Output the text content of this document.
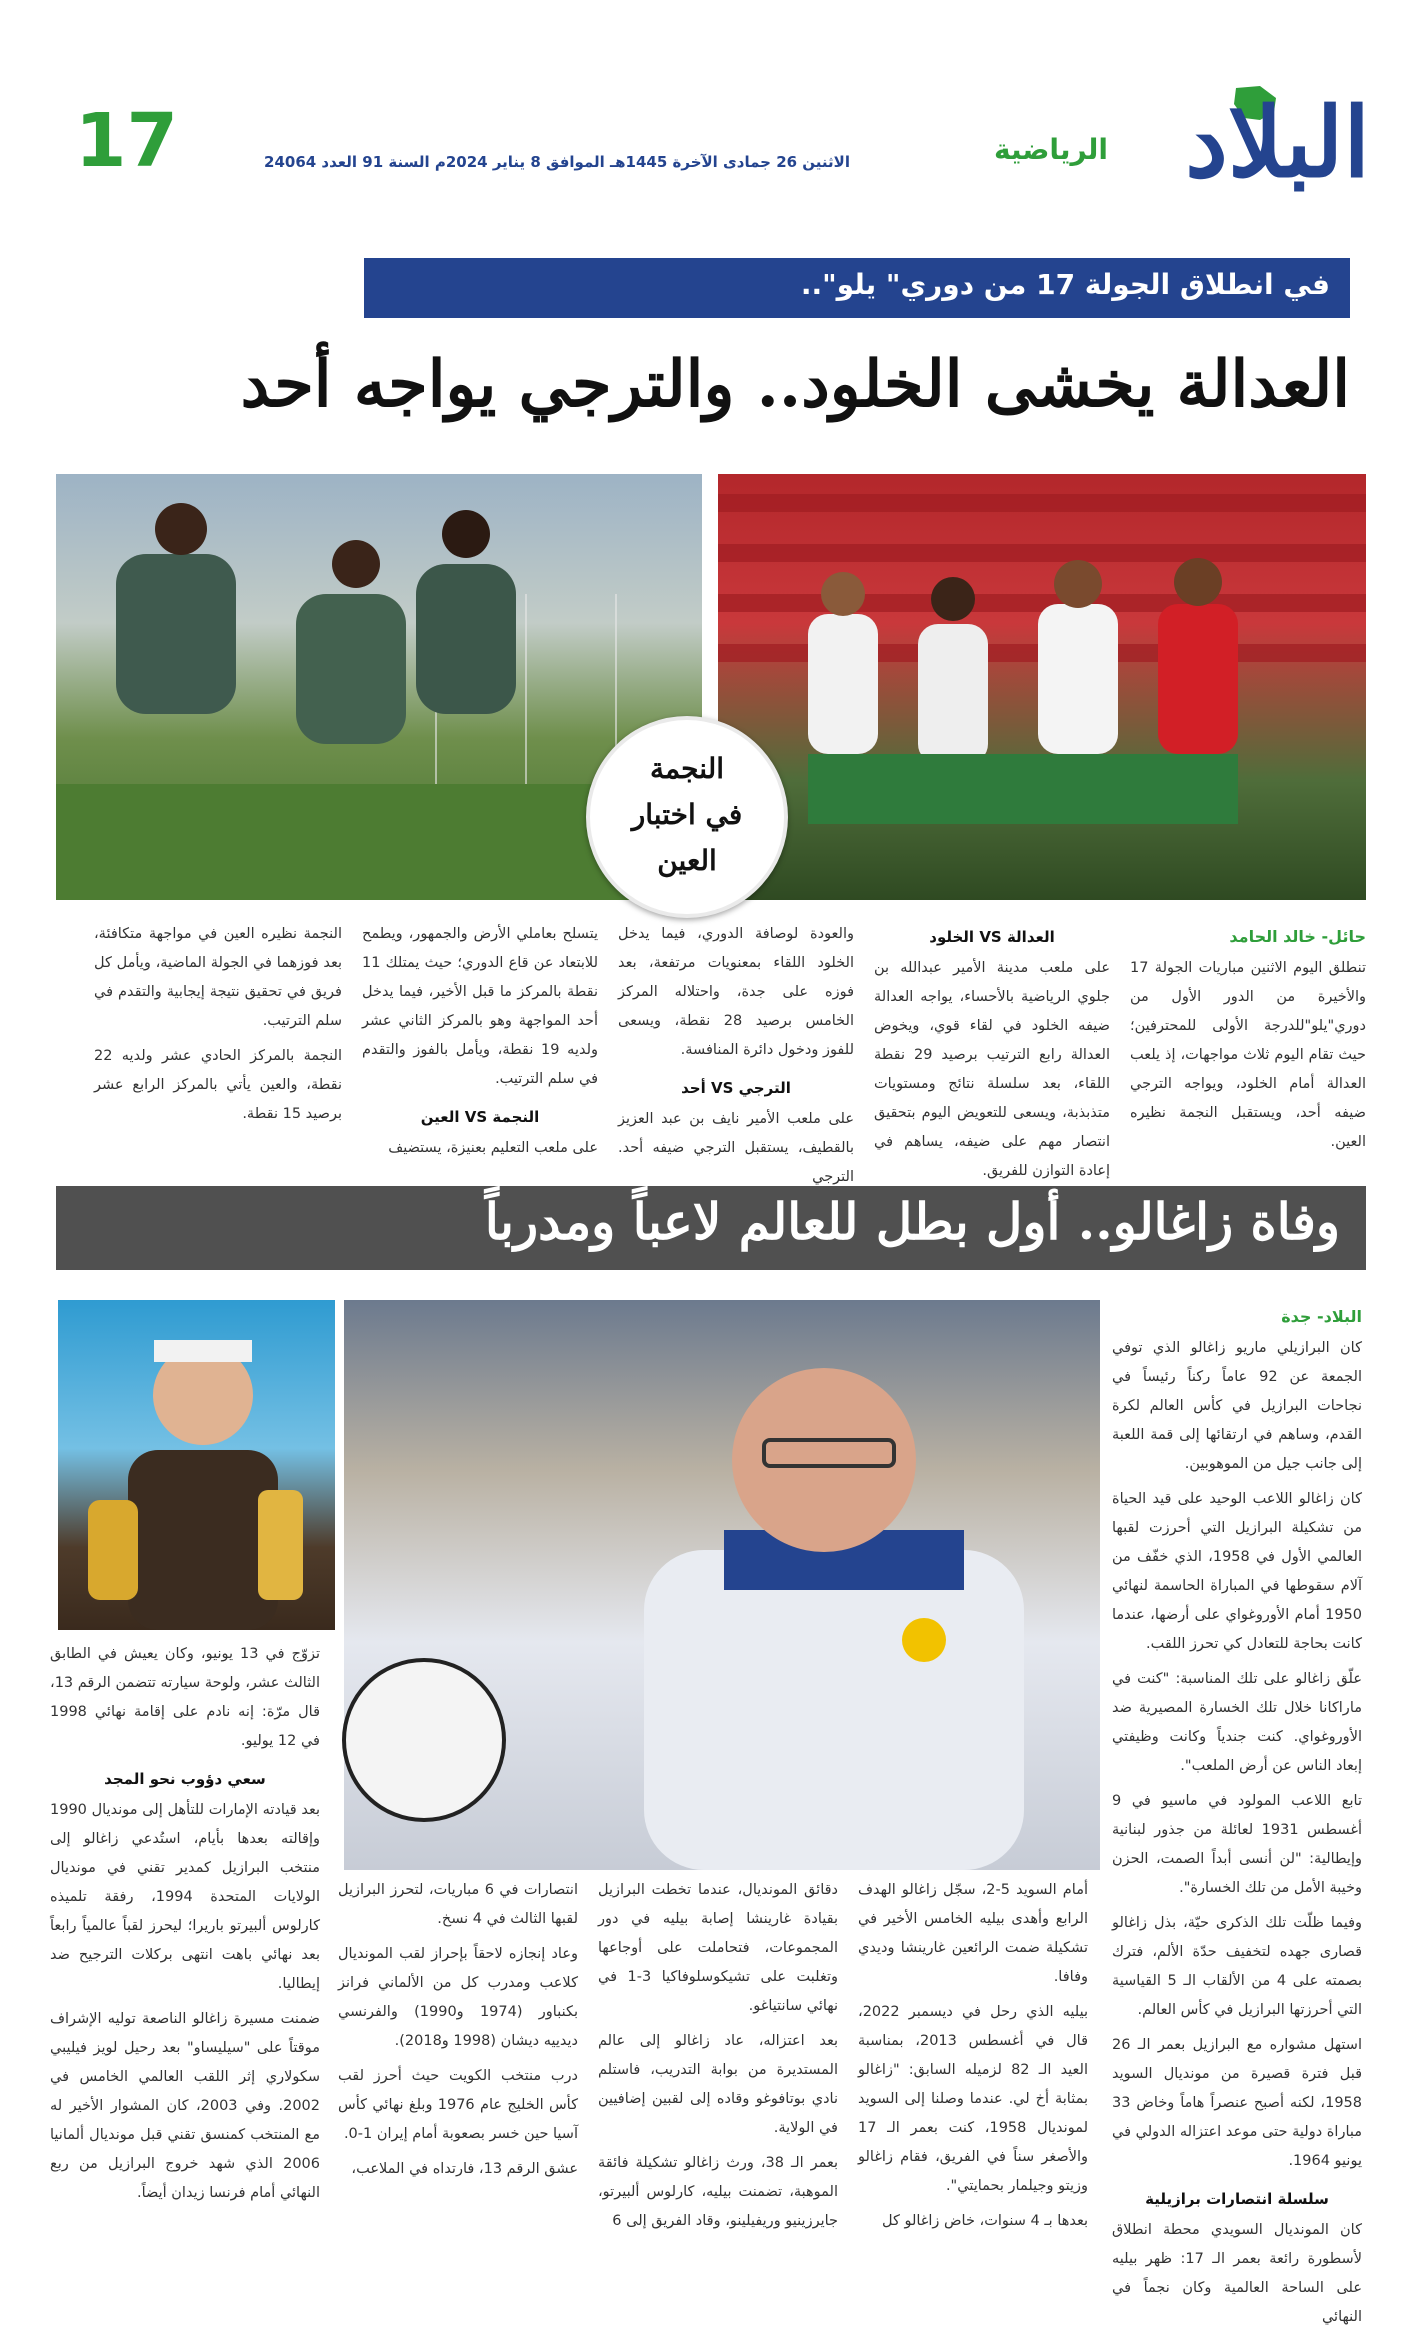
البلاد
الرياضية
الاثنين 26 جمادى الآخرة 1445هـ الموافق 8 يناير 2024م السنة 91 العدد 24064
17
في انطلاق الجولة 17 من دوري" يلو"..
العدالة يخشى الخلود.. والترجي يواجه أحد
النجمة
في اختبار
العين
حائل- خالد الحامد

تنطلق اليوم الاثنين مباريات الجولة 17 والأخيرة من الدور الأول من دوري"يلو"للدرجة الأولى للمحترفين؛ حيث تقام اليوم ثلاث مواجهات، إذ يلعب العدالة أمام الخلود، ويواجه الترجي ضيفه أحد، ويستقبل النجمة نظيره العين.

العدالة VS الخلود

على ملعب مدينة الأمير عبدالله بن جلوي الرياضية بالأحساء، يواجه العدالة ضيفه الخلود في لقاء قوي، ويخوض العدالة رابع الترتيب برصيد 29 نقطة اللقاء، بعد سلسلة نتائج ومستويات متذبذبة، ويسعى للتعويض اليوم بتحقيق انتصار مهم على ضيفه، يساهم في إعادة التوازن للفريق.

والعودة لوصافة الدوري، فيما يدخل الخلود اللقاء بمعنويات مرتفعة، بعد فوزه على جدة، واحتلاله المركز الخامس برصيد 28 نقطة، ويسعى للفوز ودخول دائرة المنافسة.

الترجي VS أحد

على ملعب الأمير نايف بن عبد العزيز بالقطيف، يستقبل الترجي ضيفه أحد. الترجي

يتسلح بعاملي الأرض والجمهور، ويطمح للابتعاد عن قاع الدوري؛ حيث يمتلك 11 نقطة بالمركز ما قبل الأخير، فيما يدخل أحد المواجهة وهو بالمركز الثاني عشر ولديه 19 نقطة، ويأمل بالفوز والتقدم في سلم الترتيب.

النجمة VS العين

على ملعب التعليم بعنيزة، يستضيف

النجمة نظيره العين في مواجهة متكافئة، بعد فوزهما في الجولة الماضية، ويأمل كل فريق في تحقيق نتيجة إيجابية والتقدم في سلم الترتيب.

النجمة بالمركز الحادي عشر ولديه 22 نقطة، والعين يأتي بالمركز الرابع عشر برصيد 15 نقطة.

وفاة زاغالو.. أول بطل للعالم لاعباً ومدرباً
البلاد- جدة

كان البرازيلي ماريو زاغالو الذي توفي الجمعة عن 92 عاماً ركناً رئيساً في نجاحات البرازيل في كأس العالم لكرة القدم، وساهم في ارتقائها إلى قمة اللعبة إلى جانب جيل من الموهوبين.

كان زاغالو اللاعب الوحيد على قيد الحياة من تشكيلة البرازيل التي أحرزت لقبها العالمي الأول في 1958، الذي خفّف من آلام سقوطها في المباراة الحاسمة لنهائي 1950 أمام الأوروغواي على أرضها، عندما كانت بحاجة للتعادل كي تحرز اللقب.

علّق زاغالو على تلك المناسبة: "كنت في ماراكانا خلال تلك الخسارة المصيرية ضد الأوروغواي. كنت جندياً وكانت وظيفتي إبعاد الناس عن أرض الملعب".

تابع اللاعب المولود في ماسيو في 9 أغسطس 1931 لعائلة من جذور لبنانية وإيطالية: "لن أنسى أبداً الصمت، الحزن وخيبة الأمل من تلك الخسارة".

وفيما ظلّت تلك الذكرى حيّة، بذل زاغالو قصارى جهده لتخفيف حدّة الألم، فترك بصمته على 4 من الألقاب الـ 5 القياسية التي أحرزتها البرازيل في كأس العالم.

استهل مشواره مع البرازيل بعمر الـ 26 قبل فترة قصيرة من مونديال السويد 1958، لكنه أصبح عنصراً هاماً وخاض 33 مباراة دولية حتى موعد اعتزاله الدولي في يونيو 1964.

سلسلة انتصارات برازيلية

كان المونديال السويدي محطة انطلاق لأسطورة رائعة بعمر الـ 17: ظهر بيليه على الساحة العالمية وكان نجماً في النهائي

أمام السويد 5-2، سجّل زاغالو الهدف الرابع وأهدى بيليه الخامس الأخير في تشكيلة ضمت الرائعين غارينشا وديدي وفافا.

بيليه الذي رحل في ديسمبر 2022، قال في أغسطس 2013، بمناسبة العيد الـ 82 لزميله السابق: "زاغالو بمثابة أخ لي. عندما وصلنا إلى السويد لمونديال 1958، كنت بعمر الـ 17 والأصغر سناً في الفريق، فقام زاغالو وزيتو وجيلمار بحمايتي".

بعدها بـ 4 سنوات، خاض زاغالو كل

دقائق المونديال، عندما تخطت البرازيل بقيادة غارينشا إصابة بيليه في دور المجموعات، فتحاملت على أوجاعها وتغلبت على تشيكوسلوفاكيا 3-1 في نهائي سانتياغو.

بعد اعتزاله، عاد زاغالو إلى عالم المستديرة من بوابة التدريب، فاستلم نادي بوتافوغو وقاده إلى لقبين إضافيين في الولاية.

بعمر الـ 38، ورث زاغالو تشكيلة فائقة الموهبة، تضمنت بيليه، كارلوس ألبيرتو، جايرزينيو وريفيلينو، وقاد الفريق إلى 6

انتصارات في 6 مباريات، لتحرز البرازيل لقبها الثالث في 4 نسخ.

وعاد إنجازه لاحقاً بإحراز لقب المونديال كلاعب ومدرب كل من الألماني فرانز بكنباور (1974 و1990) والفرنسي ديدييه ديشان (1998 و2018).

درب منتخب الكويت حيث أحرز لقب كأس الخليج عام 1976 وبلغ نهائي كأس آسيا حين خسر بصعوبة أمام إيران 1-0.

عشق الرقم 13، فارتداه في الملاعب،

تزوّج في 13 يونيو، وكان يعيش في الطابق الثالث عشر، ولوحة سيارته تتضمن الرقم 13، قال مرّة: إنه نادم على إقامة نهائي 1998 في 12 يوليو.

سعي دؤوب نحو المجد

بعد قيادته الإمارات للتأهل إلى مونديال 1990 وإقالته بعدها بأيام، استُدعي زاغالو إلى منتخب البرازيل كمدير تقني في مونديال الولايات المتحدة 1994، رفقة تلميذه كارلوس ألبيرتو باريرا؛ ليحرز لقباً عالمياً رابعاً بعد نهائي باهت انتهى بركلات الترجيح ضد إيطاليا.

ضمنت مسيرة زاغالو الناصعة توليه الإشراف موقتاً على "سيليساو" بعد رحيل لويز فيليبي سكولاري إثر اللقب العالمي الخامس في 2002. وفي 2003، كان المشوار الأخير له مع المنتخب كمنسق تقني قبل مونديال ألمانيا 2006 الذي شهد خروج البرازيل من ربع النهائي أمام فرنسا زيدان أيضاً.
